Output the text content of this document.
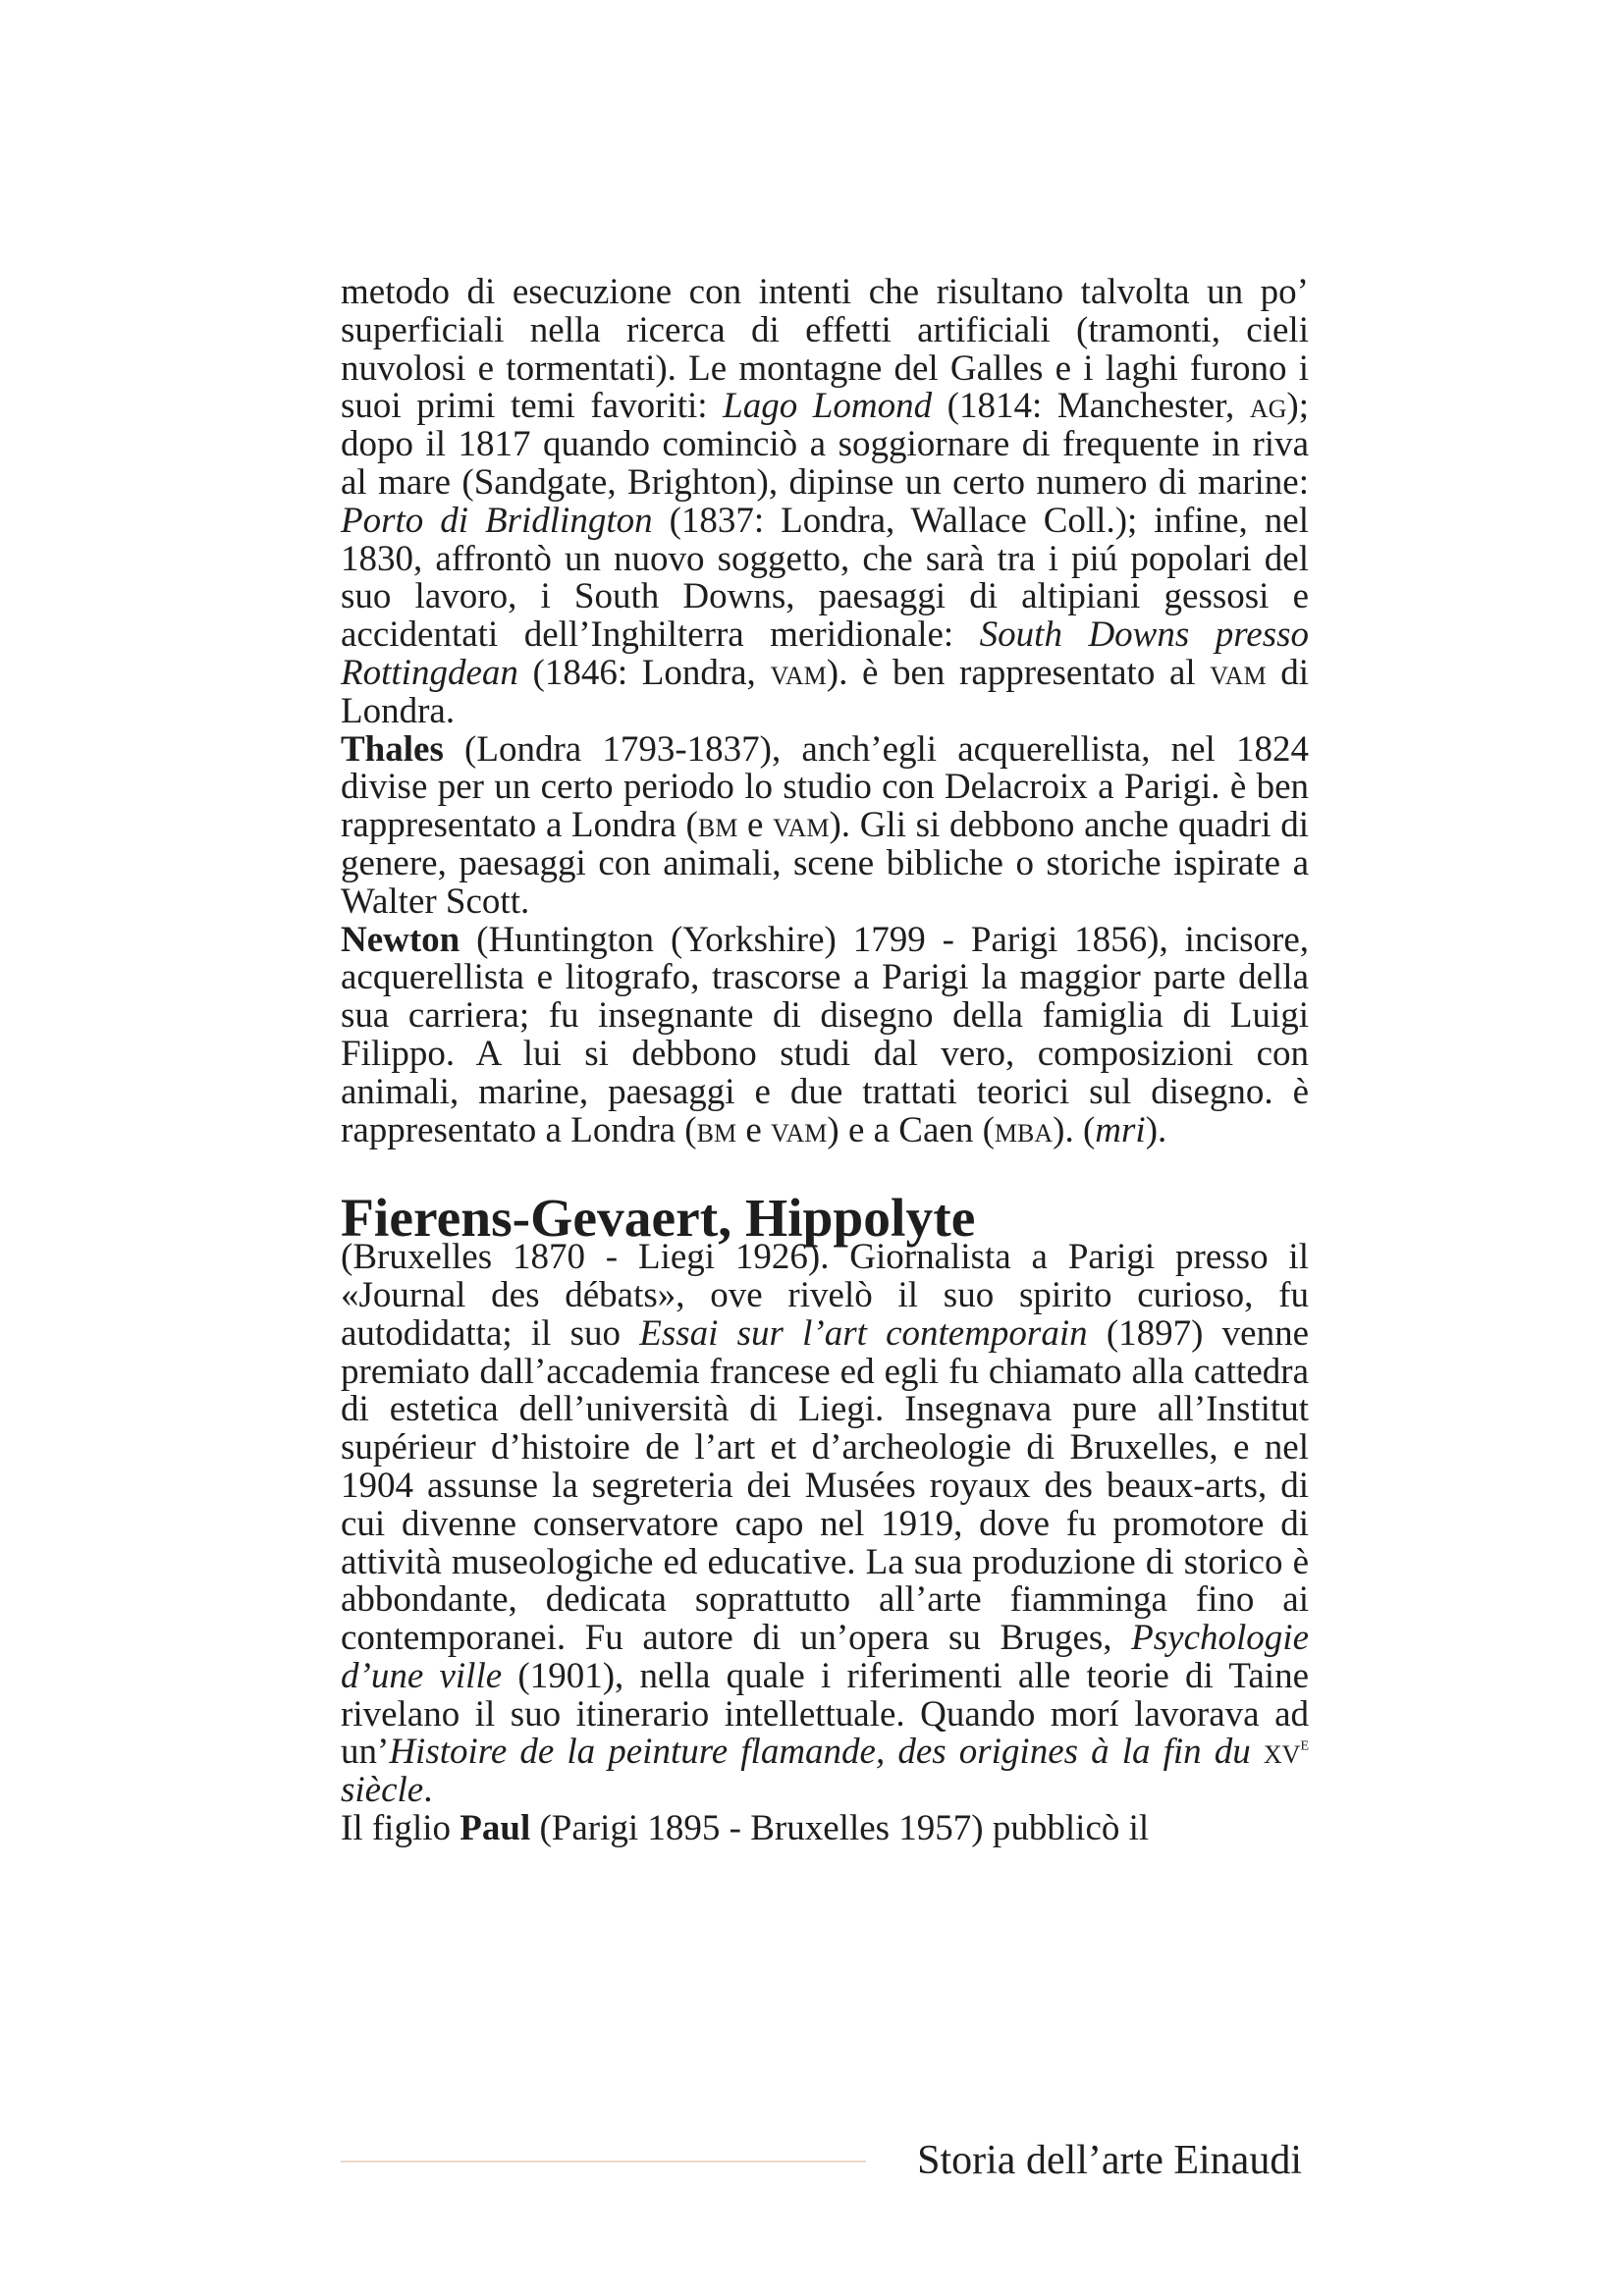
metodo di esecuzione con intenti che risultano talvolta un po’ superficiali nella ricerca di effetti artificiali (tramonti, cieli nuvolosi e tormentati). Le montagne del Galles e i laghi furono i suoi primi temi favoriti: Lago Lomond (1814: Manchester, ag); dopo il 1817 quando cominciò a soggiornare di frequente in riva al mare (Sandgate, Brighton), dipinse un certo numero di marine: Porto di Bridlington (1837: Londra, Wallace Coll.); infine, nel 1830, affrontò un nuovo soggetto, che sarà tra i piú popolari del suo lavoro, i South Downs, paesaggi di altipiani gessosi e accidentati dell’Inghilterra meridionale: South Downs presso Rottingdean (1846: Londra, vam). è ben rappresentato al vam di Londra.

Thales (Londra 1793-1837), anch’egli acquerellista, nel 1824 divise per un certo periodo lo studio con Delacroix a Parigi. è ben rappresentato a Londra (bm e vam). Gli si debbono anche quadri di genere, paesaggi con animali, scene bibliche o storiche ispirate a Walter Scott.

Newton (Huntington (Yorkshire) 1799 - Parigi 1856), incisore, acquerellista e litografo, trascorse a Parigi la maggior parte della sua carriera; fu insegnante di disegno della famiglia di Luigi Filippo. A lui si debbono studi dal vero, composizioni con animali, marine, paesaggi e due trattati teorici sul disegno. è rappresentato a Londra (bm e vam) e a Caen (mba). (mri).

Fierens-Gevaert, Hippolyte

(Bruxelles 1870 - Liegi 1926). Giornalista a Parigi presso il «Journal des débats», ove rivelò il suo spirito curioso, fu autodidatta; il suo Essai sur l’art contemporain (1897) venne premiato dall’accademia francese ed egli fu chiamato alla cattedra di estetica dell’università di Liegi. Insegnava pure all’Institut supérieur d’histoire de l’art et d’archeologie di Bruxelles, e nel 1904 assunse la segreteria dei Musées royaux des beaux-arts, di cui divenne conservatore capo nel 1919, dove fu promotore di attività museologiche ed educative. La sua produzione di storico è abbondante, dedicata soprattutto all’arte fiamminga fino ai contemporanei. Fu autore di un’opera su Bruges, Psychologie d’une ville (1901), nella quale i riferimenti alle teorie di Taine rivelano il suo itinerario intellettuale. Quando morí lavorava ad un’Histoire de la peinture flamande, des origines à la fin du $xv^e$ siècle.

Il figlio Paul (Parigi 1895 - Bruxelles 1957) pubblicò il

Storia dell’arte Einaudi
